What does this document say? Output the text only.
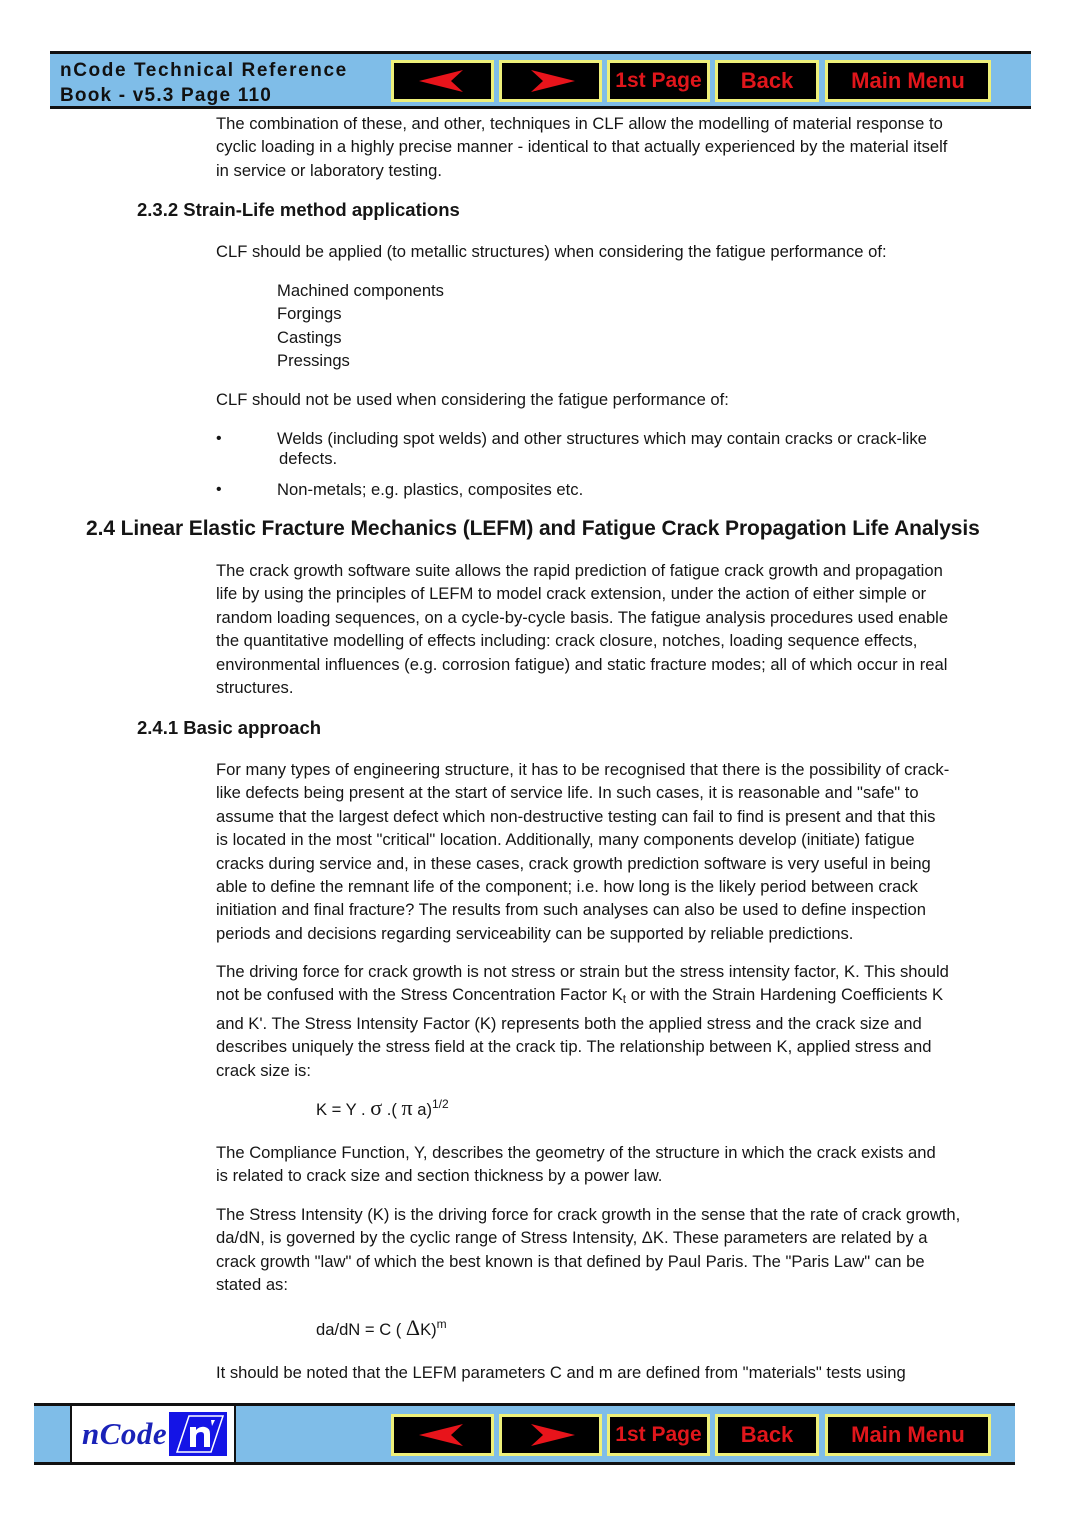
nCode Technical Reference
Book - v5.3 Page 110
1st Page	Back	Main Menu
The combination of these, and other, techniques in CLF allow the modelling of material response to
cyclic loading in a highly precise manner - identical to that actually experienced by the material itself
in service or laboratory testing.
2.3.2 Strain-Life method applications
CLF should be applied (to metallic structures) when considering the fatigue performance of:
Machined components
Forgings
Castings
Pressings
CLF should not be used when considering the fatigue performance of:
•	Welds (including spot welds) and other structures which may contain cracks or crack-like
defects.
•	Non-metals; e.g. plastics, composites etc.
2.4 Linear Elastic Fracture Mechanics (LEFM) and Fatigue Crack Propagation Life Analysis
The crack growth software suite allows the rapid prediction of fatigue crack growth and propagation
life by using the principles of LEFM to model crack extension, under the action of either simple or
random loading sequences, on a cycle-by-cycle basis. The fatigue analysis procedures used enable
the quantitative modelling of effects including: crack closure, notches, loading sequence effects,
environmental influences (e.g. corrosion fatigue) and static fracture modes; all of which occur in real
structures.
2.4.1 Basic approach
For many types of engineering structure, it has to be recognised that there is the possibility of crack-
like defects being present at the start of service life. In such cases, it is reasonable and "safe" to
assume that the largest defect which non-destructive testing can fail to find is present and that this
is located in the most "critical" location. Additionally, many components develop (initiate) fatigue
cracks during service and, in these cases, crack growth prediction software is very useful in being
able to define the remnant life of the component; i.e. how long is the likely period between crack
initiation and final fracture? The results from such analyses can also be used to define inspection
periods and decisions regarding serviceability can be supported by reliable predictions.
The driving force for crack growth is not stress or strain but the stress intensity factor, K. This should
not be confused with the Stress Concentration Factor $K_t$ or with the Strain Hardening Coefficients K
and K'. The Stress Intensity Factor (K) represents both the applied stress and the crack size and
describes uniquely the stress field at the crack tip. The relationship between K, applied stress and
crack size is:
K = Y . σ .( π a)$^{1/2}$
The Compliance Function, Y, describes the geometry of the structure in which the crack exists and
is related to crack size and section thickness by a power law.
The Stress Intensity (K) is the driving force for crack growth in the sense that the rate of crack growth,
da/dN, is governed by the cyclic range of Stress Intensity, ΔK. These parameters are related by a
crack growth "law" of which the best known is that defined by Paul Paris. The "Paris Law" can be
stated as:
da/dN = C ( ΔK)$^m$
It should be noted that the LEFM parameters C and m are defined from "materials" tests using
nCode	1st Page	Back	Main Menu
